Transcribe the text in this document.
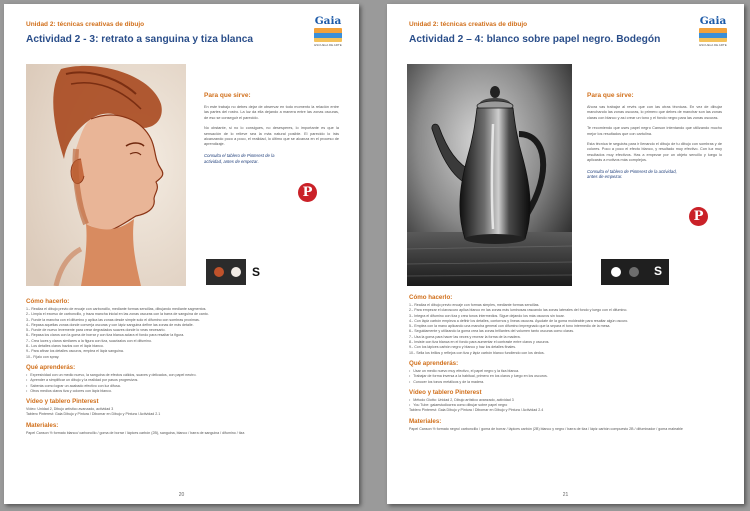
Unidad 2: técnicas creativas de dibujo
Actividad 2 - 3: retrato a sanguina y tiza blanca
Gaia
ESCUELA DE ARTE
Para que sirve:

En este trabajo no debes dejar de observar en todo momento la relación entre las partes del rostro. La luz da ella dejando a manera entre las zonas oscuras, de eso se conseguir el parecido.

No obstante, si no lo consigues, no desesperes, lo importante es que la sensación de lo relieve sea la más natural posible. El parecido lo irás alcanzando poco a poco, el realidad, lo último que se alcanza en el proceso de aprendizaje.

Consulta el tablero de Pinterest de la actividad, antes de empezar.
P
S
Cómo hacerlo:
1.- Realiza el dibujo previo de encaje con carboncillo, mediante formas sencillas, dibujando mediante sagmentos.
2.- Limpia el exceso de carboncillo, y traza mancha inicial en las zonas oscuras con la barra de sanguina de canto.
3.- Funde la mancha con el difumino y aplica las zonas desde simple solo el difumino con sombras proximas.
4.- Repasa aquellas zonas donde converja oscuras y con lápiz sanguina define las zonas de más detalle.
5.- Funde de nuevo levemente para crear degradados suaves donde lo veas necesario.
6.- Repasa los claros con la goma de borrar y con tiza blanca aclara el fondo para resaltar la figura.
7.- Crea luces y claros similares a la figura con tiza, suavizalos con el difumino.
8.- Los detalles claros hazlos con el lápiz blanco.
9.- Para afinar los detalles oscuros, emplea el lápiz sanguina.
10.- Fíjalo con spray.
Qué aprenderás:
• Expresividad con un medio nuevo, la sanguina de efectos cálidos, suaves y delicados, con papel neutro.
• Aprender a simplificar un dibujo y la realidad por pasos progresivos.
• Saberás como lograr un acabado efectivo con luz difusa.
• Otros medios claros tiza y colores con lápiz blanco.
Vídeo y tablero Pinterest
Vídeo: Unidad 2, Dibujo artístico avanzado, actividad 3
Tablero Pinterest: Gaia Dibujo y Pintura / Dibomar en Dibujo y Pintura / Actividad 2.1
Materiales:
Papel Canson ½ formato blanco/ carboncillo / goma de borrar / lápices carbón (2B), sanguina, blanco / barra de sanguina / difumino / tiza
20
Unidad 2: técnicas creativas de dibujo
Actividad 2 – 4: blanco sobre papel negro. Bodegón
Gaia
ESCUELA DE ARTE
Para que sirve:

Ahora vas trabajar al revés que con las otras técnicas. En vez de dibujar manchando las zonas oscuras, lo primero que debes de manchar son las zonas claras con blanco y así crear un tono y el fondo negro para las zonas oscuras.

Te recomiendo que uses papel negro Canson intentando que utilizando mucho mejor los resultados que con cartulina.

Esta técnica te seguirás para ir llenando el dibujo de tu dibujo con sombras y de colores. Poco a poco el efecto blanco, y resultado muy efectivo. Con luz muy resultados muy efectivos. Has a empezar por un objeto sencillo y luego lo aplicarás a motivos más complejos.

Consulta el tablero de Pinterest de la actividad, antes de empezar.
P
S
Cómo hacerlo:
1.- Realiza el dibujo previo encaje con formas simples, mediante formas sencillas.
2.- Para empezar el claroscuro aplica blanco en las zonas más luminosas rascando las zonas laterales del fondo y luego con el difumino.
3.- Integra el difumino con tiza y crea tonos intermedios. Sigue dejando los más oscuros sin tocar.
4.- Con lápiz carbón empieza a definir los detalles, contornos y líneas oscuras. Ayudate de la goma moldeable para resaltar algún oscuro.
5.- Emplea con la mano aplicando una mancha general con difumino impregnado que la separa el tono intermedio de la mesa.
6.- Seguidamente y utilizando la goma crea las zonas brillantes del volumen tanto oscuras como claras.
7.- Usa la goma para hacer las veces y recrear la forma de la madera.
8.- Insiste con tiza blanca en el fondo para aumentar el contraste entre claros y oscuros.
9.- Con los lápices carbón negro y blanco y haz los detalles finales.
10.- Sella los brillos y reflejos con tiza y lápiz carbón blanco fundiendo con los dedos.
Qué aprenderás:
• Usar un medio nuevo muy efectivo, el papel negro y la tiza blanca.
• Trabajar de forma inversa a la habitual, primero en los claros y luego en los oscuros.
• Conocer los tonos metálicos y de la madera.
Vídeo y tablero Pinterest
• Método Giotto: Unidad 2, Dibujo artístico avanzado, actividad 3
• You Tube: gaiaestudiocrea como dibujar sobre papel negro
Tablero Pinterest: Gaia Dibujo y Pintura / Dibomar en Dibujo y Pintura / Actividad 2.4
Materiales:
Papel Canson ½ formato negro/ carboncillo / goma de borrar / lápices carbón (2B) blanco y negro / barra de tiza / lápiz carbón compuesto 2B / difuminador / goma maleable
21
